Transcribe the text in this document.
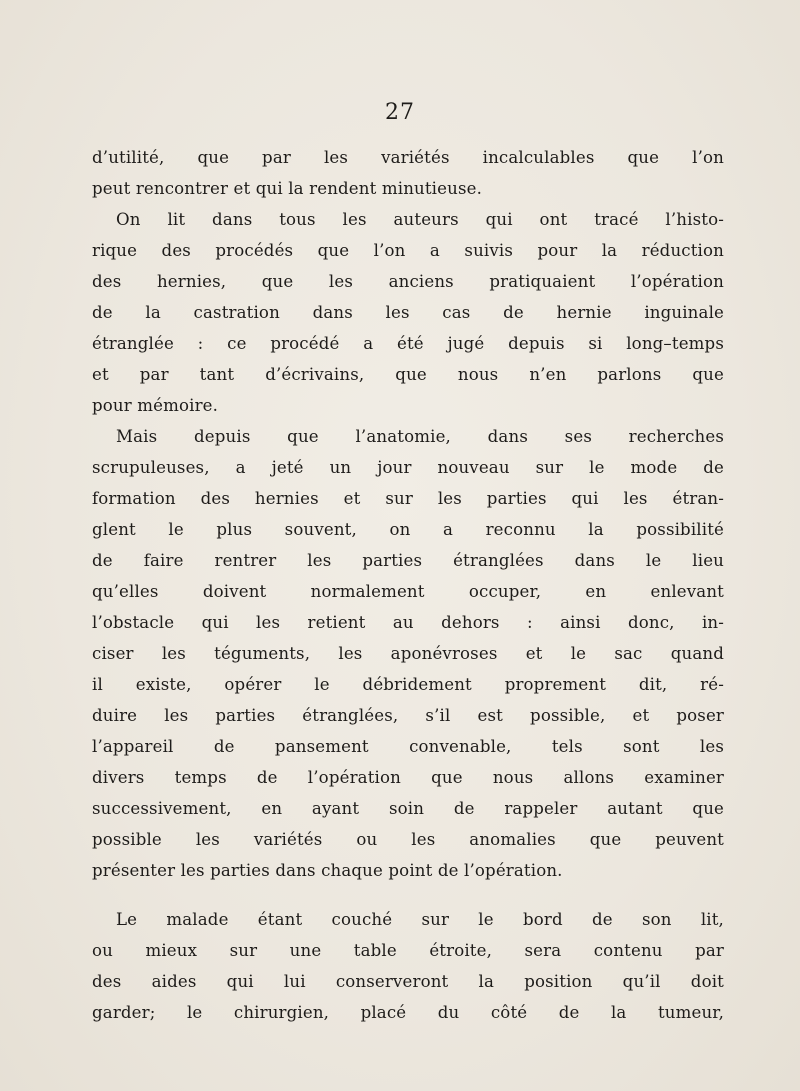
27
d’utilité, que par les variétés incalculables que l’on
peut rencontrer et qui la rendent minutieuse.
On lit dans tous les auteurs qui ont tracé l’histo-
rique des procédés que l’on a suivis pour la réduction
des hernies, que les anciens pratiquaient l’opération
de la castration dans les cas de hernie inguinale
étranglée : ce procédé a été jugé depuis si long–temps
et par tant d’écrivains, que nous n’en parlons que
pour mémoire.
Mais depuis que l’anatomie, dans ses recherches
scrupuleuses, a jeté un jour nouveau sur le mode de
formation des hernies et sur les parties qui les étran-
glent le plus souvent, on a reconnu la possibilité
de faire rentrer les parties étranglées dans le lieu
qu’elles doivent normalement occuper, en enlevant
l’obstacle qui les retient au dehors : ainsi donc, in-
ciser les téguments, les aponévroses et le sac quand
il existe, opérer le débridement proprement dit, ré-
duire les parties étranglées, s’il est possible, et poser
l’appareil de pansement convenable, tels sont les
divers temps de l’opération que nous allons examiner
successivement, en ayant soin de rappeler autant que
possible les variétés ou les anomalies que peuvent
présenter les parties dans chaque point de l’opération.
Le malade étant couché sur le bord de son lit,
ou mieux sur une table étroite, sera contenu par
des aides qui lui conserveront la position qu’il doit
garder; le chirurgien, placé du côté de la tumeur,
